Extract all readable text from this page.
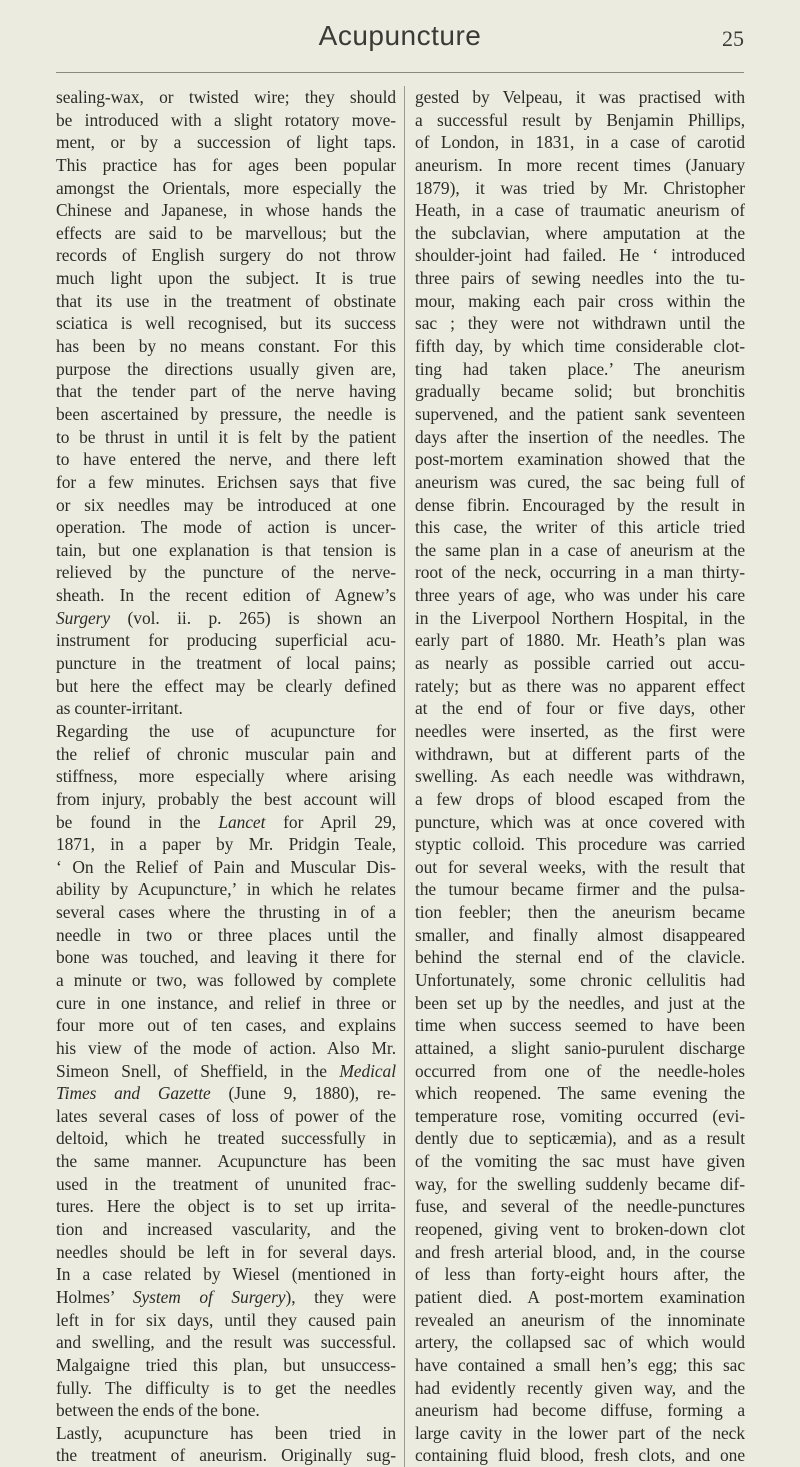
Acupuncture	25
sealing-wax, or twisted wire; they should
be introduced with a slight rotatory move-
ment, or by a succession of light taps.
This practice has for ages been popular
amongst the Orientals, more especially the
Chinese and Japanese, in whose hands the
effects are said to be marvellous; but the
records of English surgery do not throw
much light upon the subject. It is true
that its use in the treatment of obstinate
sciatica is well recognised, but its success
has been by no means constant. For this
purpose the directions usually given are,
that the tender part of the nerve having
been ascertained by pressure, the needle is
to be thrust in until it is felt by the patient
to have entered the nerve, and there left
for a few minutes. Erichsen says that five
or six needles may be introduced at one
operation. The mode of action is uncer-
tain, but one explanation is that tension is
relieved by the puncture of the nerve-
sheath. In the recent edition of Agnew’s
Surgery (vol. ii. p. 265) is shown an
instrument for producing superficial acu-
puncture in the treatment of local pains;
but here the effect may be clearly defined
as counter-irritant.
Regarding the use of acupuncture for
the relief of chronic muscular pain and
stiffness, more especially where arising
from injury, probably the best account will
be found in the Lancet for April 29,
1871, in a paper by Mr. Pridgin Teale,
‘ On the Relief of Pain and Muscular Dis-
ability by Acupuncture,’ in which he relates
several cases where the thrusting in of a
needle in two or three places until the
bone was touched, and leaving it there for
a minute or two, was followed by complete
cure in one instance, and relief in three or
four more out of ten cases, and explains
his view of the mode of action. Also Mr.
Simeon Snell, of Sheffield, in the Medical
Times and Gazette (June 9, 1880), re-
lates several cases of loss of power of the
deltoid, which he treated successfully in
the same manner. Acupuncture has been
used in the treatment of ununited frac-
tures. Here the object is to set up irrita-
tion and increased vascularity, and the
needles should be left in for several days.
In a case related by Wiesel (mentioned in
Holmes’ System of Surgery), they were
left in for six days, until they caused pain
and swelling, and the result was successful.
Malgaigne tried this plan, but unsuccess-
fully. The difficulty is to get the needles
between the ends of the bone.
Lastly, acupuncture has been tried in
the treatment of aneurism. Originally sug-
gested by Velpeau, it was practised with
a successful result by Benjamin Phillips,
of London, in 1831, in a case of carotid
aneurism. In more recent times (January
1879), it was tried by Mr. Christopher
Heath, in a case of traumatic aneurism of
the subclavian, where amputation at the
shoulder-joint had failed. He ‘ introduced
three pairs of sewing needles into the tu-
mour, making each pair cross within the
sac ; they were not withdrawn until the
fifth day, by which time considerable clot-
ting had taken place.’ The aneurism
gradually became solid; but bronchitis
supervened, and the patient sank seventeen
days after the insertion of the needles. The
post-mortem examination showed that the
aneurism was cured, the sac being full of
dense fibrin. Encouraged by the result in
this case, the writer of this article tried
the same plan in a case of aneurism at the
root of the neck, occurring in a man thirty-
three years of age, who was under his care
in the Liverpool Northern Hospital, in the
early part of 1880. Mr. Heath’s plan was
as nearly as possible carried out accu-
rately; but as there was no apparent effect
at the end of four or five days, other
needles were inserted, as the first were
withdrawn, but at different parts of the
swelling. As each needle was withdrawn,
a few drops of blood escaped from the
puncture, which was at once covered with
styptic colloid. This procedure was carried
out for several weeks, with the result that
the tumour became firmer and the pulsa-
tion feebler; then the aneurism became
smaller, and finally almost disappeared
behind the sternal end of the clavicle.
Unfortunately, some chronic cellulitis had
been set up by the needles, and just at the
time when success seemed to have been
attained, a slight sanio-purulent discharge
occurred from one of the needle-holes
which reopened. The same evening the
temperature rose, vomiting occurred (evi-
dently due to septicæmia), and as a result
of the vomiting the sac must have given
way, for the swelling suddenly became dif-
fuse, and several of the needle-punctures
reopened, giving vent to broken-down clot
and fresh arterial blood, and, in the course
of less than forty-eight hours after, the
patient died. A post-mortem examination
revealed an aneurism of the innominate
artery, the collapsed sac of which would
have contained a small hen’s egg; this sac
had evidently recently given way, and the
aneurism had become diffuse, forming a
large cavity in the lower part of the neck
containing fluid blood, fresh clots, and one
